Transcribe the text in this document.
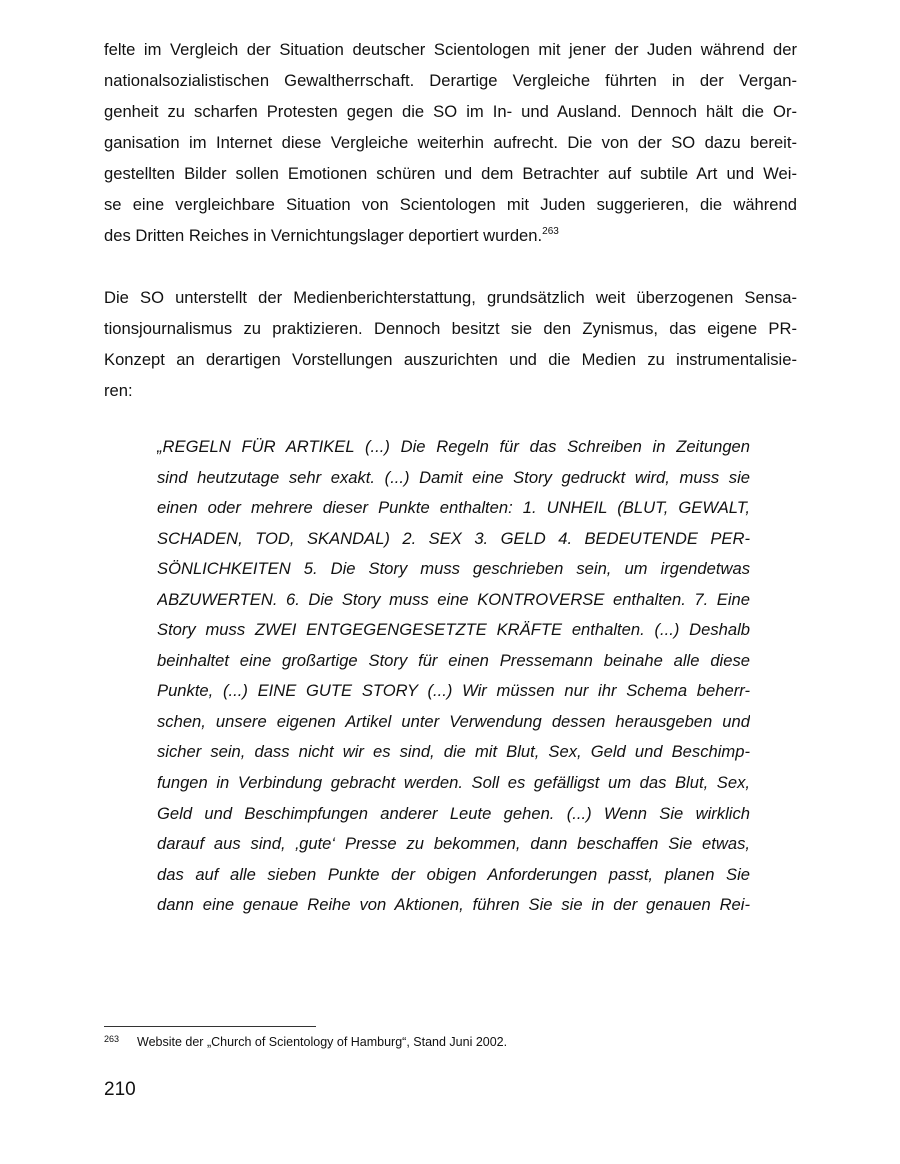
felte im Vergleich der Situation deutscher Scientologen mit jener der Juden während der
nationalsozialistischen Gewaltherrschaft. Derartige Vergleiche führten in der Vergan-
genheit zu scharfen Protesten gegen die SO im In- und Ausland. Dennoch hält die Or-
ganisation im Internet diese Vergleiche weiterhin aufrecht. Die von der SO dazu bereit-
gestellten Bilder sollen Emotionen schüren und dem Betrachter auf subtile Art und Wei-
se eine vergleichbare Situation von Scientologen mit Juden suggerieren, die während
des Dritten Reiches in Vernichtungslager deportiert wurden.$^{263}$
Die SO unterstellt der Medienberichterstattung, grundsätzlich weit überzogenen Sensa-
tionsjournalismus zu praktizieren. Dennoch besitzt sie den Zynismus, das eigene PR-
Konzept an derartigen Vorstellungen auszurichten und die Medien zu instrumentalisie-
ren:
„REGELN FÜR ARTIKEL (...) Die Regeln für das Schreiben in Zeitungen
sind heutzutage sehr exakt. (...) Damit eine Story gedruckt wird, muss sie
einen oder mehrere dieser Punkte enthalten: 1. UNHEIL (BLUT, GEWALT,
SCHADEN, TOD, SKANDAL) 2. SEX 3. GELD 4. BEDEUTENDE PER-
SÖNLICHKEITEN 5. Die Story muss geschrieben sein, um irgendetwas
ABZUWERTEN. 6. Die Story muss eine KONTROVERSE enthalten. 7. Eine
Story muss ZWEI ENTGEGENGESETZTE KRÄFTE enthalten. (...) Deshalb
beinhaltet eine großartige Story für einen Pressemann beinahe alle diese
Punkte, (...) EINE GUTE STORY (...) Wir müssen nur ihr Schema beherr-
schen, unsere eigenen Artikel unter Verwendung dessen herausgeben und
sicher sein, dass nicht wir es sind, die mit Blut, Sex, Geld und Beschimp-
fungen in Verbindung gebracht werden. Soll es gefälligst um das Blut, Sex,
Geld und Beschimpfungen anderer Leute gehen. (...) Wenn Sie wirklich
darauf aus sind, ‚gute‘ Presse zu bekommen, dann beschaffen Sie etwas,
das auf alle sieben Punkte der obigen Anforderungen passt, planen Sie
dann eine genaue Reihe von Aktionen, führen Sie sie in der genauen Rei-
263 Website der „Church of Scientology of Hamburg“, Stand Juni 2002.
210
